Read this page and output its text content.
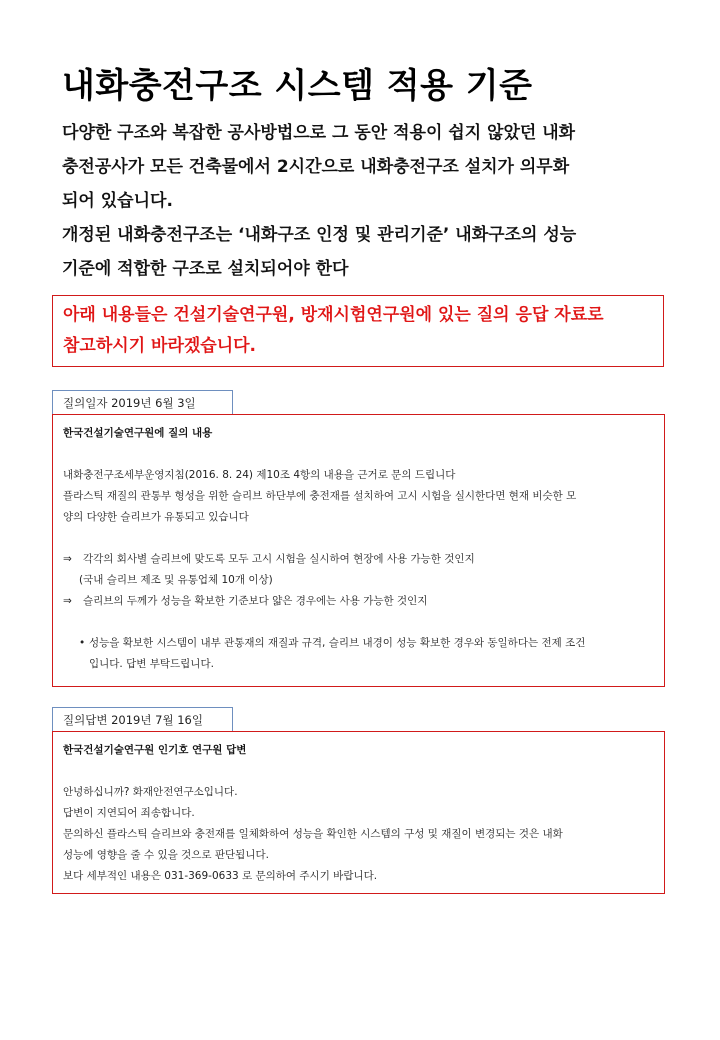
내화충전구조 시스템 적용 기준

다양한 구조와 복잡한 공사방법으로 그 동안 적용이 쉽지 않았던 내화

충전공사가 모든 건축물에서 2시간으로 내화충전구조 설치가 의무화

되어 있습니다.

개정된 내화충전구조는 ‘내화구조 인정 및 관리기준’ 내화구조의 성능

기준에 적합한 구조로 설치되어야 한다

아래 내용들은 건설기술연구원, 방재시험연구원에 있는 질의 응답 자료로
참고하시기 바라겠습니다.
질의일자 2019년 6월 3일
한국건설기술연구원에 질의 내용
내화충전구조세부운영지침(2016. 8. 24) 제10조 4항의 내용을 근거로 문의 드립니다
플라스틱 재질의 관통부 형성을 위한 슬리브 하단부에 충전재를 설치하여 고시 시험을 실시한다면 현재 비슷한 모
양의 다양한 슬리브가 유통되고 있습니다
⇒ 각각의 회사별 슬리브에 맞도록 모두 고시 시험을 실시하여 현장에 사용 가능한 것인지
(국내 슬리브 제조 및 유통업체 10개 이상)
⇒ 슬리브의 두께가 성능을 확보한 기준보다 얇은 경우에는 사용 가능한 것인지
• 성능을 확보한 시스템이 내부 관통재의 재질과 규격, 슬리브 내경이 성능 확보한 경우와 동일하다는 전제 조건
입니다. 답변 부탁드립니다.
질의답변 2019년 7월 16일
한국건설기술연구원 인기호 연구원 답변
안녕하십니까? 화재안전연구소입니다.
답변이 지연되어 죄송합니다.
문의하신 플라스틱 슬리브와 충전재를 일체화하여 성능을 확인한 시스템의 구성 및 재질이 변경되는 것은 내화
성능에 영향을 줄 수 있을 것으로 판단됩니다.
보다 세부적인 내용은 031-369-0633 로 문의하여 주시기 바랍니다.
